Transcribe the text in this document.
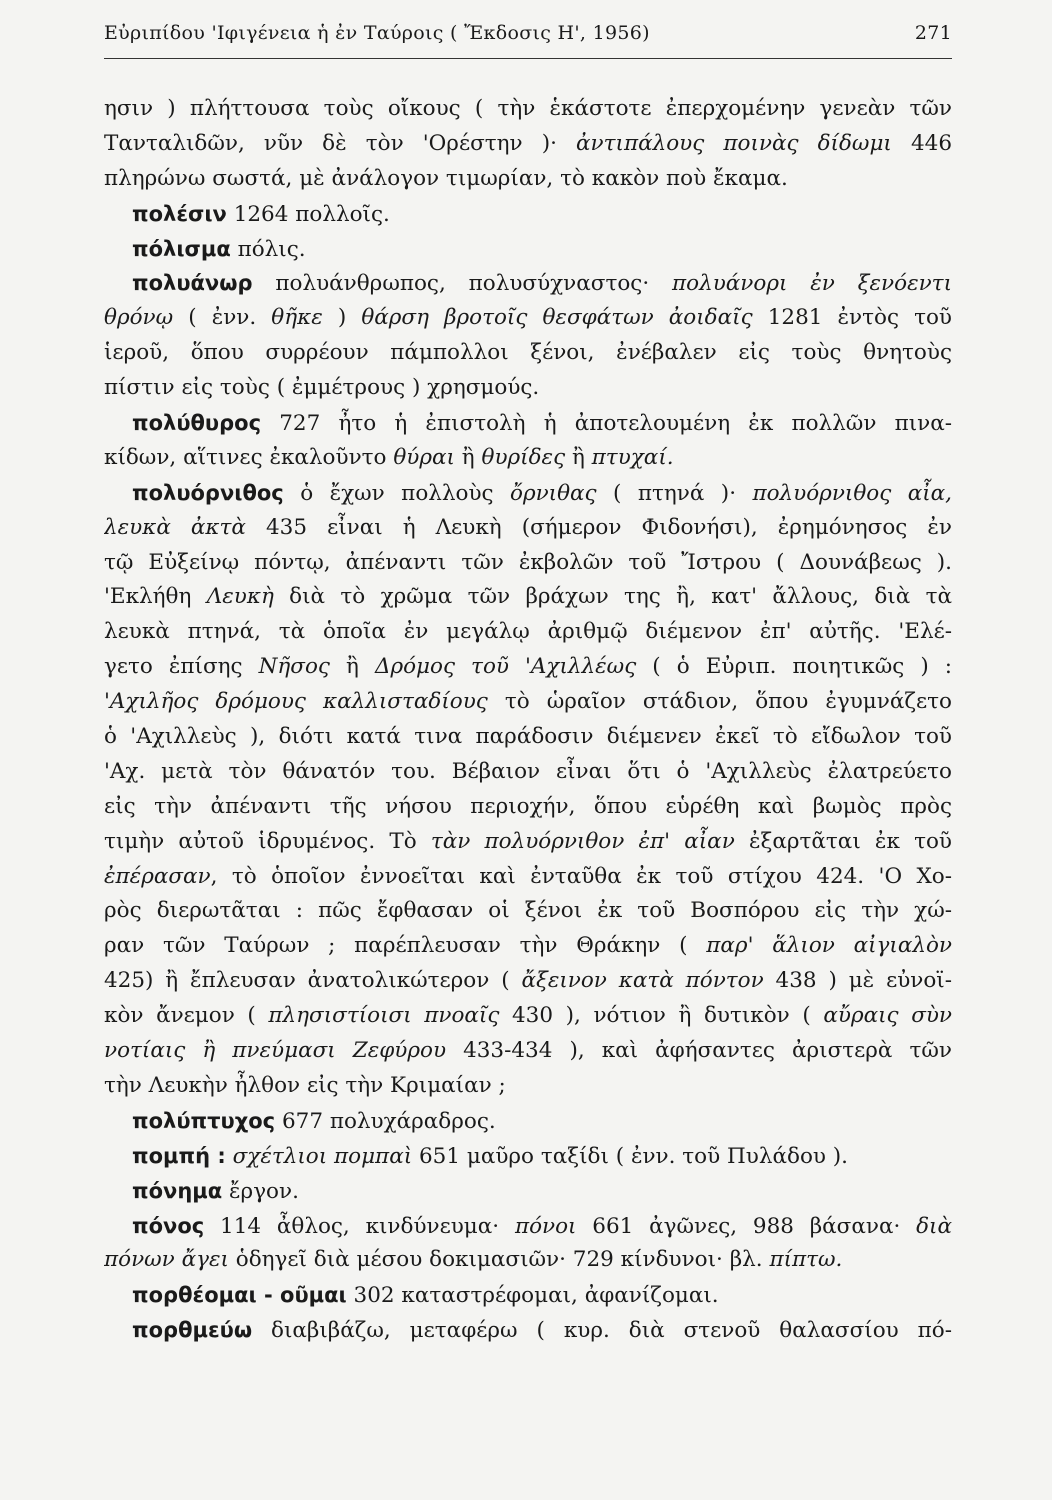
Εὐριπίδου 'Ιφιγένεια ἡ ἐν Ταύροις ( Ἔκδοσις Η', 1956)	271
ησιν ) πλήττουσα τοὺς οἴκους ( τὴν ἑκάστοτε ἐπερχομένην γενεὰν τῶν
Τανταλιδῶν, νῦν δὲ τὸν 'Ορέστην )· ἀντιπάλους ποινὰς δίδωμι 446
πληρώνω σωστά, μὲ ἀνάλογον τιμωρίαν, τὸ κακὸν ποὺ ἔκαμα.
πολέσιν 1264 πολλοῖς.
πόλισμα πόλις.
πολυάνωρ πολυάνθρωπος, πολυσύχναστος· πολυάνορι ἐν ξενόεντι
θρόνῳ ( ἐνν. θῆκε ) θάρση βροτοῖς θεσφάτων ἀοιδαῖς 1281 ἐντὸς τοῦ
ἱεροῦ, ὅπου συρρέουν πάμπολλοι ξένοι, ἐνέβαλεν εἰς τοὺς θνητοὺς
πίστιν εἰς τοὺς ( ἐμμέτρους ) χρησμούς.
πολύθυρος 727 ἦτο ἡ ἐπιστολὴ ἡ ἀποτελουμένη ἐκ πολλῶν πινα-
κίδων, αἵτινες ἐκαλοῦντο θύραι ἢ θυρίδες ἢ πτυχαί.
πολυόρνιθος ὁ ἔχων πολλοὺς ὄρνιθας ( πτηνά )· πολυόρνιθος αἶα,
λευκὰ ἀκτὰ 435 εἶναι ἡ Λευκὴ (σήμερον Φιδονήσι), ἐρημόνησος ἐν
τῷ Εὐξείνῳ πόντῳ, ἀπέναντι τῶν ἐκβολῶν τοῦ Ἴστρου ( Δουνάβεως ).
'Εκλήθη Λευκὴ διὰ τὸ χρῶμα τῶν βράχων της ἢ, κατ' ἄλλους, διὰ τὰ
λευκὰ πτηνά, τὰ ὁποῖα ἐν μεγάλῳ ἀριθμῷ διέμενον ἐπ' αὐτῆς. 'Ελέ-
γετο ἐπίσης Νῆσος ἢ Δρόμος τοῦ 'Αχιλλέως ( ὁ Εὐριπ. ποιητικῶς ) :
'Αχιλῆος δρόμους καλλισταδίους τὸ ὡραῖον στάδιον, ὅπου ἐγυμνάζετο
ὁ 'Αχιλλεὺς ), διότι κατά τινα παράδοσιν διέμενεν ἐκεῖ τὸ εἴδωλον τοῦ
'Αχ. μετὰ τὸν θάνατόν του. Βέβαιον εἶναι ὅτι ὁ 'Αχιλλεὺς ἐλατρεύετο
εἰς τὴν ἀπέναντι τῆς νήσου περιοχήν, ὅπου εὑρέθη καὶ βωμὸς πρὸς
τιμὴν αὐτοῦ ἱδρυμένος. Τὸ τὰν πολυόρνιθον ἐπ' αἶαν ἐξαρτᾶται ἐκ τοῦ
ἐπέρασαν, τὸ ὁποῖον ἐννοεῖται καὶ ἐνταῦθα ἐκ τοῦ στίχου 424. 'Ο Χο-
ρὸς διερωτᾶται : πῶς ἔφθασαν οἱ ξένοι ἐκ τοῦ Βοσπόρου εἰς τὴν χώ-
ραν τῶν Ταύρων ; παρέπλευσαν τὴν Θράκην ( παρ' ἅλιον αἰγιαλὸν
425) ἢ ἔπλευσαν ἀνατολικώτερον ( ἄξεινον κατὰ πόντον 438 ) μὲ εὐνοϊ-
κὸν ἄνεμον ( πλησιστίοισι πνοαῖς 430 ), νότιον ἢ δυτικὸν ( αὔραις σὺν
νοτίαις ἢ πνεύμασι Ζεφύρου 433-434 ), καὶ ἀφήσαντες ἀριστερὰ τῶν
τὴν Λευκὴν ἦλθον εἰς τὴν Κριμαίαν ;
πολύπτυχος 677 πολυχάραδρος.
πομπή : σχέτλιοι πομπαὶ 651 μαῦρο ταξίδι ( ἐνν. τοῦ Πυλάδου ).
πόνημα ἔργον.
πόνος 114 ἆθλος, κινδύνευμα· πόνοι 661 ἀγῶνες, 988 βάσανα· διὰ
πόνων ἄγει ὁδηγεῖ διὰ μέσου δοκιμασιῶν· 729 κίνδυνοι· βλ. πίπτω.
πορθέομαι - οῦμαι 302 καταστρέφομαι, ἀφανίζομαι.
πορθμεύω διαβιβάζω, μεταφέρω ( κυρ. διὰ στενοῦ θαλασσίου πό-
